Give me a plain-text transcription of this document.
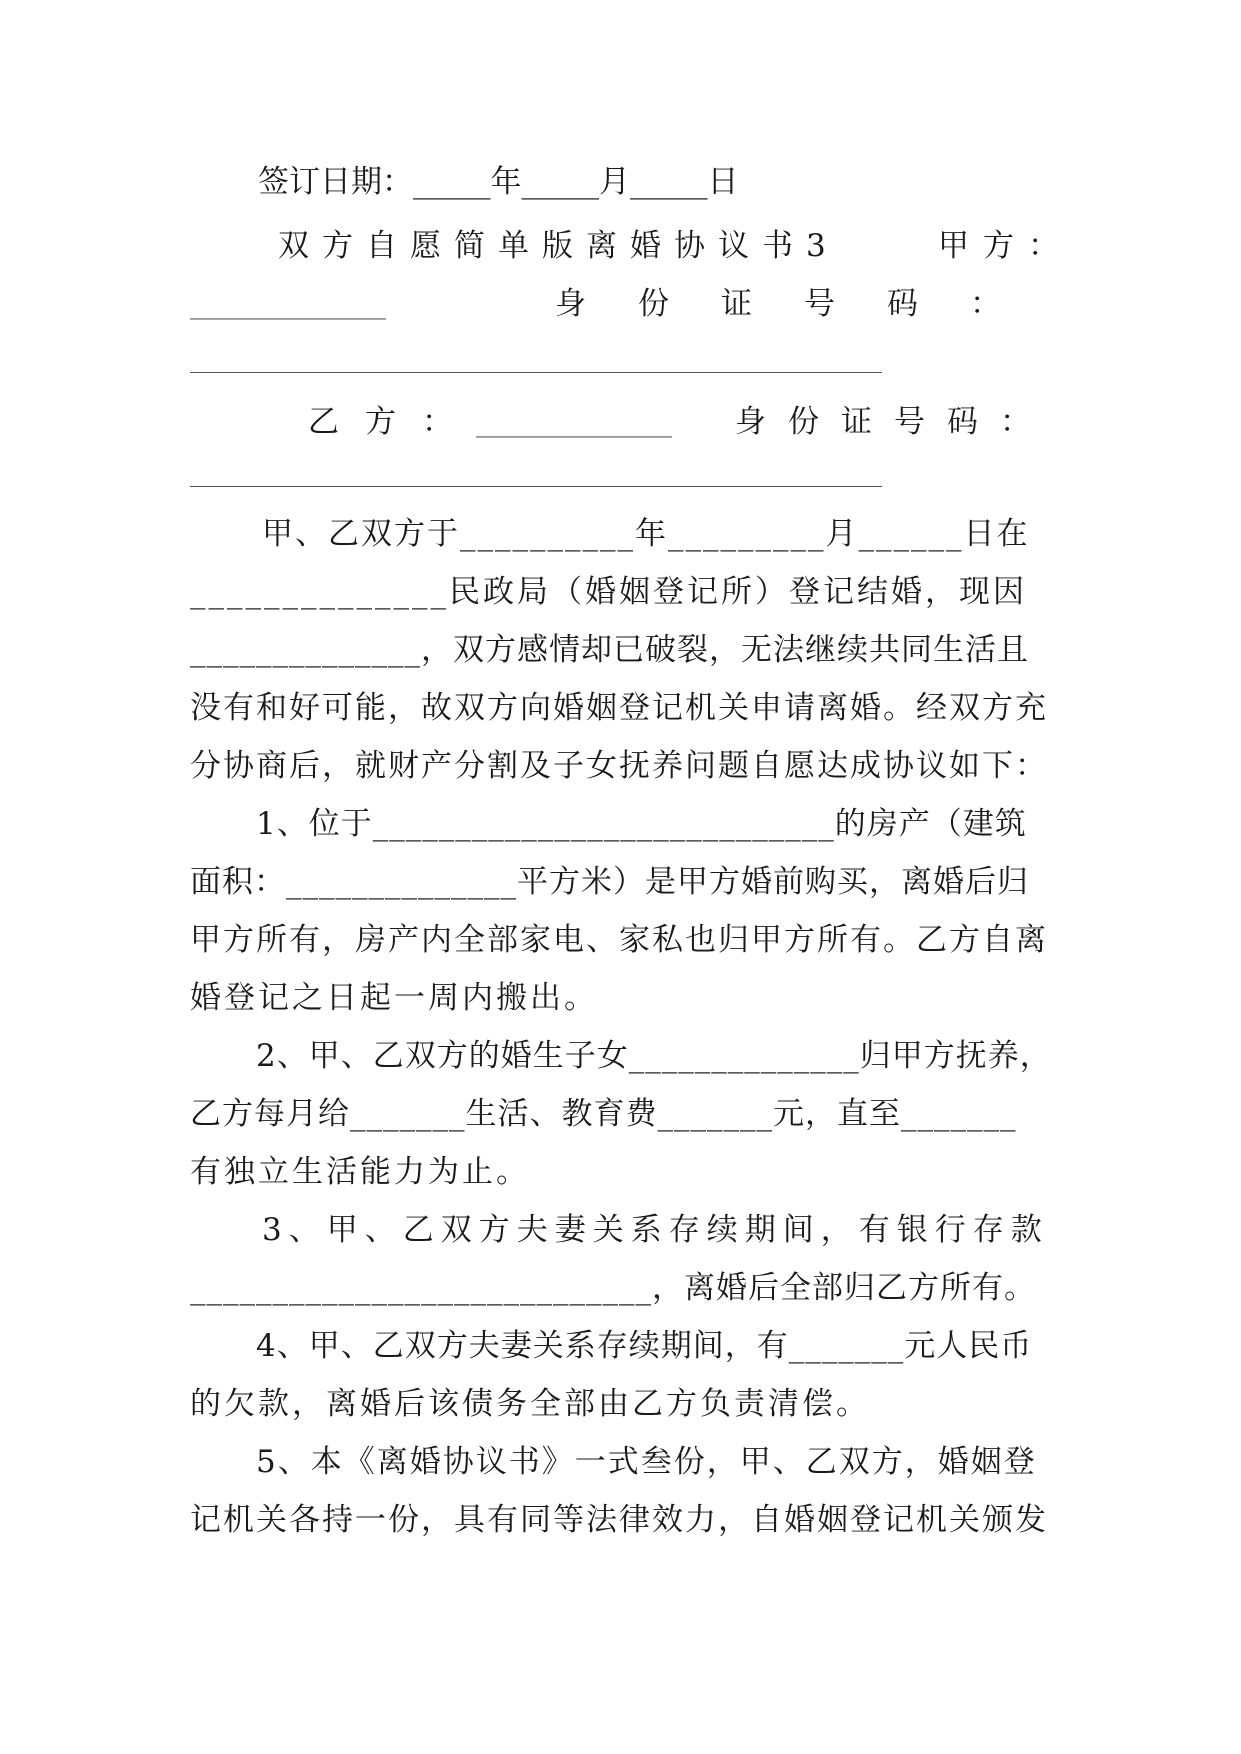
签订日期：_____年_____月_____日
双方自愿简单版离婚协议书3	甲方：
______________	身份证号码：
乙方：
______________	身份证号码：
甲、乙双方于__________年_________月______日在
______________民政局（婚姻登记所）登记结婚，现因
______________，双方感情却已破裂，无法继续共同生活且
没有和好可能，故双方向婚姻登记机关申请离婚。经双方充
分协商后，就财产分割及子女抚养问题自愿达成协议如下：
1、位于____________________________的房产（建筑
面积：______________平方米）是甲方婚前购买，离婚后归
甲方所有，房产内全部家电、家私也归甲方所有。乙方自离
婚登记之日起一周内搬出。
2、甲、乙双方的婚生子女______________归甲方抚养，
乙方每月给_______生活、教育费_______元，直至_______
有独立生活能力为止。
3、甲、乙双方夫妻关系存续期间，有银行存款
____________________________，离婚后全部归乙方所有。
4、甲、乙双方夫妻关系存续期间，有_______元人民币
的欠款，离婚后该债务全部由乙方负责清偿。
5、本《离婚协议书》一式叁份，甲、乙双方，婚姻登
记机关各持一份，具有同等法律效力，自婚姻登记机关颁发
